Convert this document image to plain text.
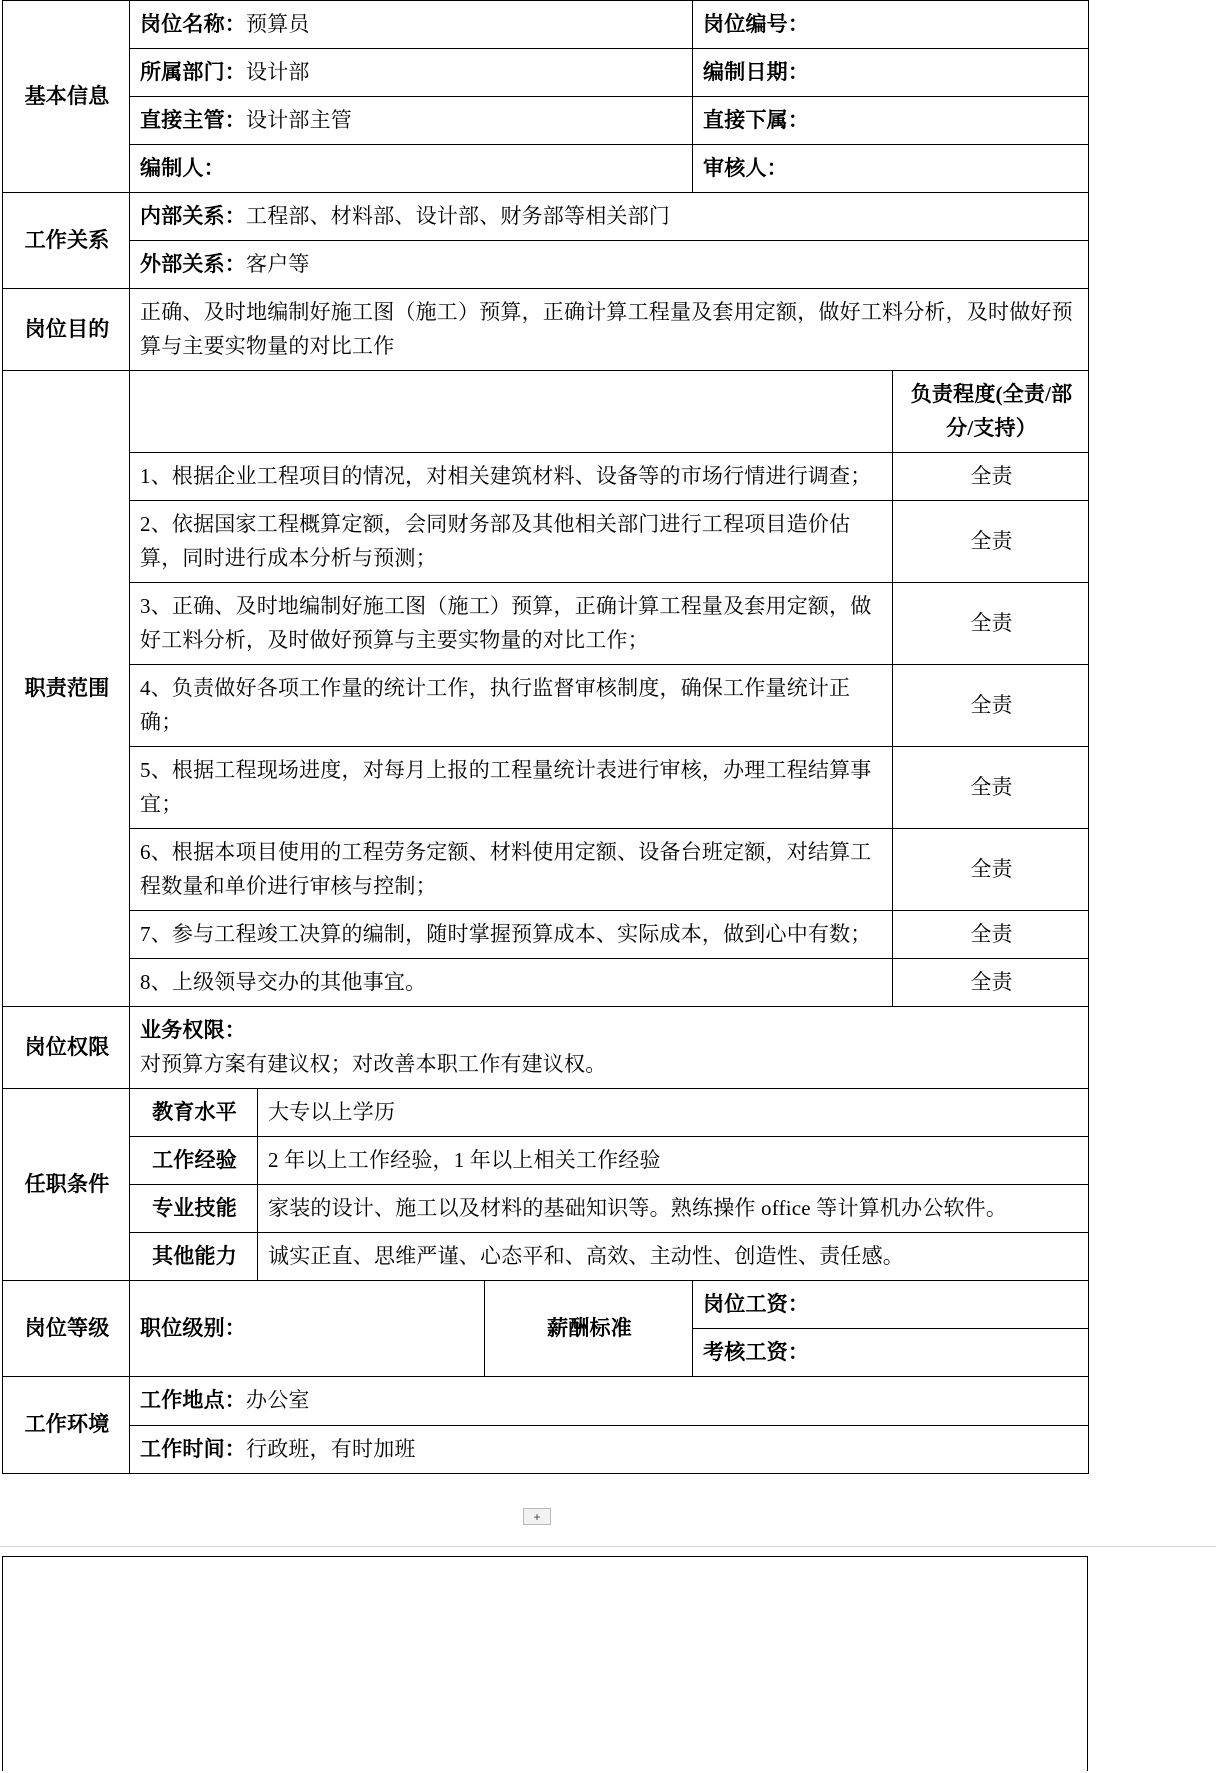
基本信息	岗位名称：预算员			岗位编号：	
	所属部门：设计部			编制日期：	
	直接主管：设计部主管			直接下属：	
	编制人：			审核人：	
工作关系	内部关系：工程部、材料部、设计部、财务部等相关部门				
	外部关系：客户等				
岗位目的	正确、及时地编制好施工图（施工）预算，正确计算工程量及套用定额，做好工料分析，及时做好预算与主要实物量的对比工作				
职责范围					负责程度(全责/部分/支持）
	1、根据企业工程项目的情况，对相关建筑材料、设备等的市场行情进行调查；				全责
	2、依据国家工程概算定额，会同财务部及其他相关部门进行工程项目造价估算，同时进行成本分析与预测；				全责
	3、正确、及时地编制好施工图（施工）预算，正确计算工程量及套用定额，做好工料分析，及时做好预算与主要实物量的对比工作；				全责
	4、负责做好各项工作量的统计工作，执行监督审核制度，确保工作量统计正确；				全责
	5、根据工程现场进度，对每月上报的工程量统计表进行审核，办理工程结算事宜；				全责
	6、根据本项目使用的工程劳务定额、材料使用定额、设备台班定额，对结算工程数量和单价进行审核与控制；				全责
	7、参与工程竣工决算的编制，随时掌握预算成本、实际成本，做到心中有数；				全责
	8、上级领导交办的其他事宜。				全责
岗位权限	业务权限：
对预算方案有建议权；对改善本职工作有建议权。				

任职条件	教育水平	大专以上学历			
	工作经验	2 年以上工作经验，1 年以上相关工作经验			
	专业技能	家装的设计、施工以及材料的基础知识等。熟练操作 office 等计算机办公软件。			
	其他能力	诚实正直、思维严谨、心态平和、高效、主动性、创造性、责任感。			
岗位等级	职位级别：		薪酬标准	岗位工资：	
				考核工资：	
工作环境	工作地点：办公室				
	工作时间：行政班，有时加班				
+
